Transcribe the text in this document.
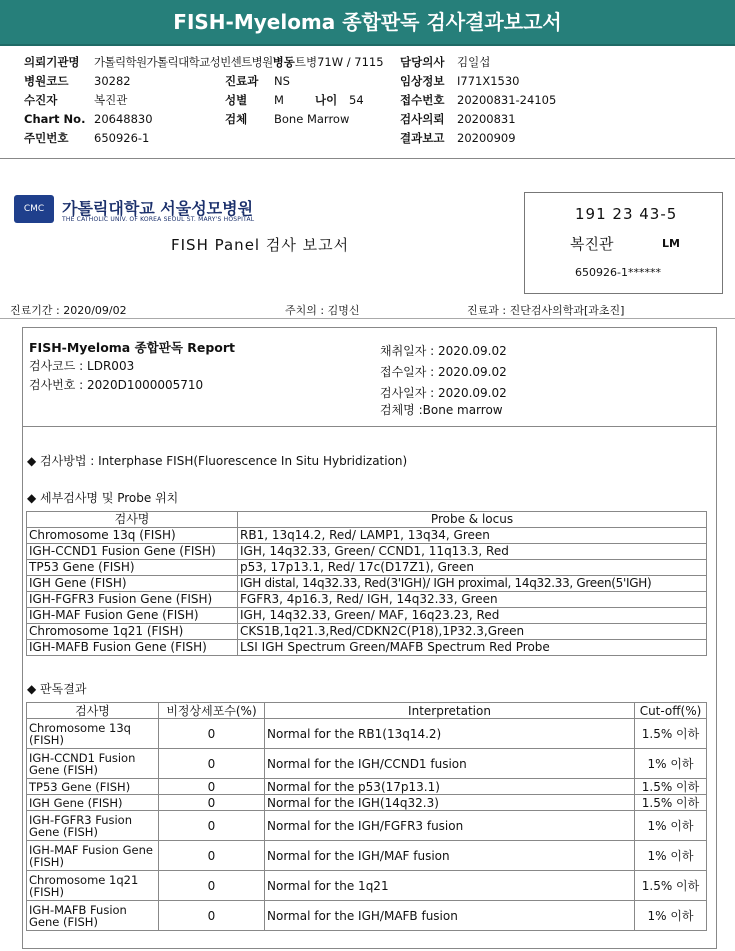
FISH-Myeloma 종합판독 검사결과보고서
의뢰기관명 가톨릭학원가톨릭대학교성빈센트병원병동트병71W / 7115
병원코드 30282	진료과 NS
수진자	복진관	성별 M	나이 54
Chart No. 20648830	검체 Bone Marrow
주민번호 650926-1
담당의사 김일섭
임상정보 I771X1530
접수번호 20200831-24105
검사의뢰 20200831
결과보고 20200909
CMC	가톨릭대학교 서울성모병원
THE CATHOLIC UNIV. OF KOREA SEOUL ST. MARY'S HOSPITAL
FISH Panel 검사 보고서
191 23 43-5
복진관	LM
650926-1******
진료기간 : 2020/09/02	주치의 : 김명신	진료과 : 진단검사의학과[과초진]
FISH-Myeloma 종합판독 Report
검사코드 : LDR003
검사번호 : 2020D1000005710
채취일자 : 2020.09.02
접수일자 : 2020.09.02
검사일자 : 2020.09.02
검체명 :Bone marrow
◆ 검사방법 : Interphase FISH(Fluorescence In Situ Hybridization)
◆ 세부검사명 및 Probe 위치
검사명	Probe & locus
Chromosome 13q (FISH)	RB1, 13q14.2, Red/ LAMP1, 13q34, Green
IGH-CCND1 Fusion Gene (FISH)	IGH, 14q32.33, Green/ CCND1, 11q13.3, Red
TP53 Gene (FISH)	p53, 17p13.1, Red/ 17c(D17Z1), Green
IGH Gene (FISH)	IGH distal, 14q32.33, Red(3'IGH)/ IGH proximal, 14q32.33, Green(5'IGH)
IGH-FGFR3 Fusion Gene (FISH)	FGFR3, 4p16.3, Red/ IGH, 14q32.33, Green
IGH-MAF Fusion Gene (FISH)	IGH, 14q32.33, Green/ MAF, 16q23.23, Red
Chromosome 1q21 (FISH)	CKS1B,1q21.3,Red/CDKN2C(P18),1P32.3,Green
IGH-MAFB Fusion Gene (FISH)	LSI IGH Spectrum Green/MAFB Spectrum Red Probe
◆ 판독결과
검사명	비정상세포수(%)	Interpretation	Cut-off(%)
Chromosome 13q (FISH)	0	Normal for the RB1(13q14.2)	1.5% 이하
IGH-CCND1 Fusion Gene (FISH)	0	Normal for the IGH/CCND1 fusion	1% 이하
TP53 Gene (FISH)	0	Normal for the p53(17p13.1)	1.5% 이하
IGH Gene (FISH)	0	Normal for the IGH(14q32.3)	1.5% 이하
IGH-FGFR3 Fusion Gene (FISH)	0	Normal for the IGH/FGFR3 fusion	1% 이하
IGH-MAF Fusion Gene (FISH)	0	Normal for the IGH/MAF fusion	1% 이하
Chromosome 1q21 (FISH)	0	Normal for the 1q21	1.5% 이하
IGH-MAFB Fusion Gene (FISH)	0	Normal for the IGH/MAFB fusion	1% 이하
